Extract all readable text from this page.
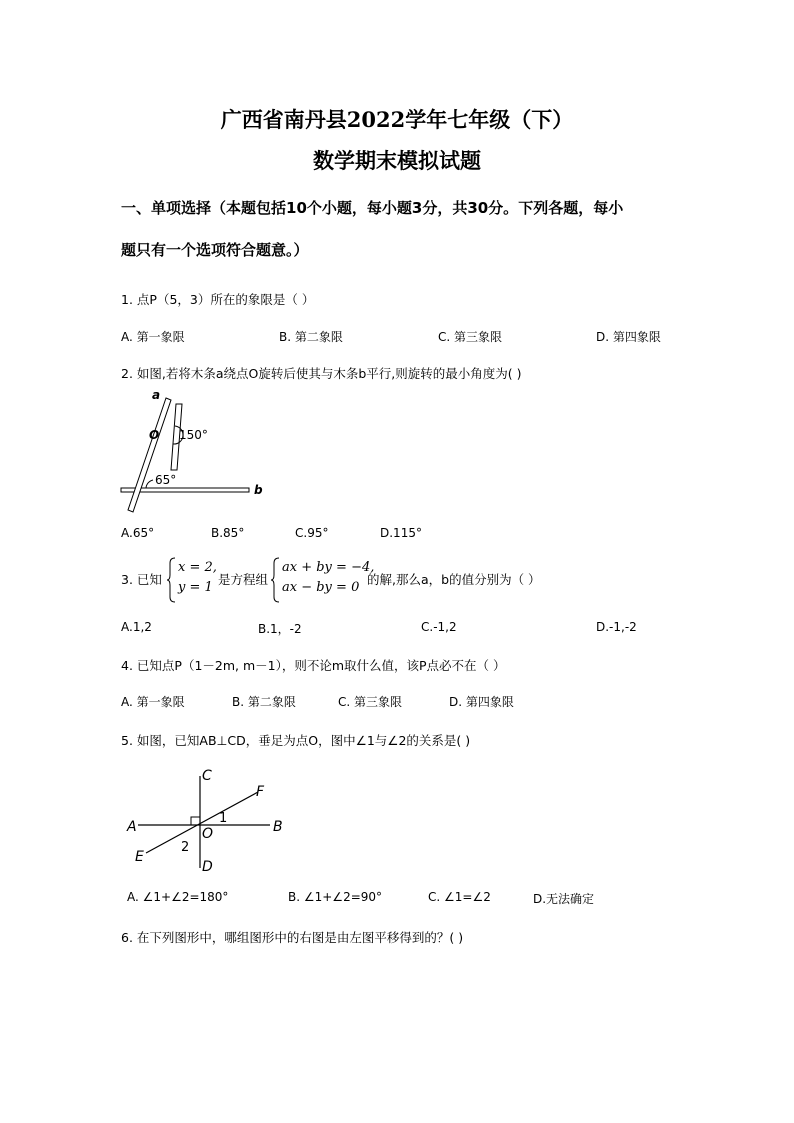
广西省南丹县2022学年七年级（下）
数学期末模拟试题
一、单项选择（本题包括10个小题，每小题3分，共30分。下列各题，每小
题只有一个选项符合题意。）
1. 点P（5，3）所在的象限是（ ）
A. 第一象限	B. 第二象限	C. 第三象限	D. 第四象限
2. 如图,若将木条a绕点O旋转后使其与木条b平行,则旋转的最小角度为( )
a
O 150°
65°
b
A.65°	B.85°	C.95°	D.115°
3. 已知
x = 2,
y = 1
是方程组
ax + by = −4,
ax − by = 0
的解,那么a，b的值分别为（ ）
A.1,2	B.1，-2	C.-1,2	D.-1,-2
4. 已知点P（1－2m, m－1），则不论m取什么值，该P点必不在（ ）
A. 第一象限	B. 第二象限	C. 第三象限	D. 第四象限
5. 如图，已知AB⊥CD，垂足为点O，图中∠1与∠2的关系是( )
A	B
C
D
E
F
O
1
2
A. ∠1+∠2=180°	B. ∠1+∠2=90°	C. ∠1=∠2	D.无法确定
6. 在下列图形中，哪组图形中的右图是由左图平移得到的？( )
